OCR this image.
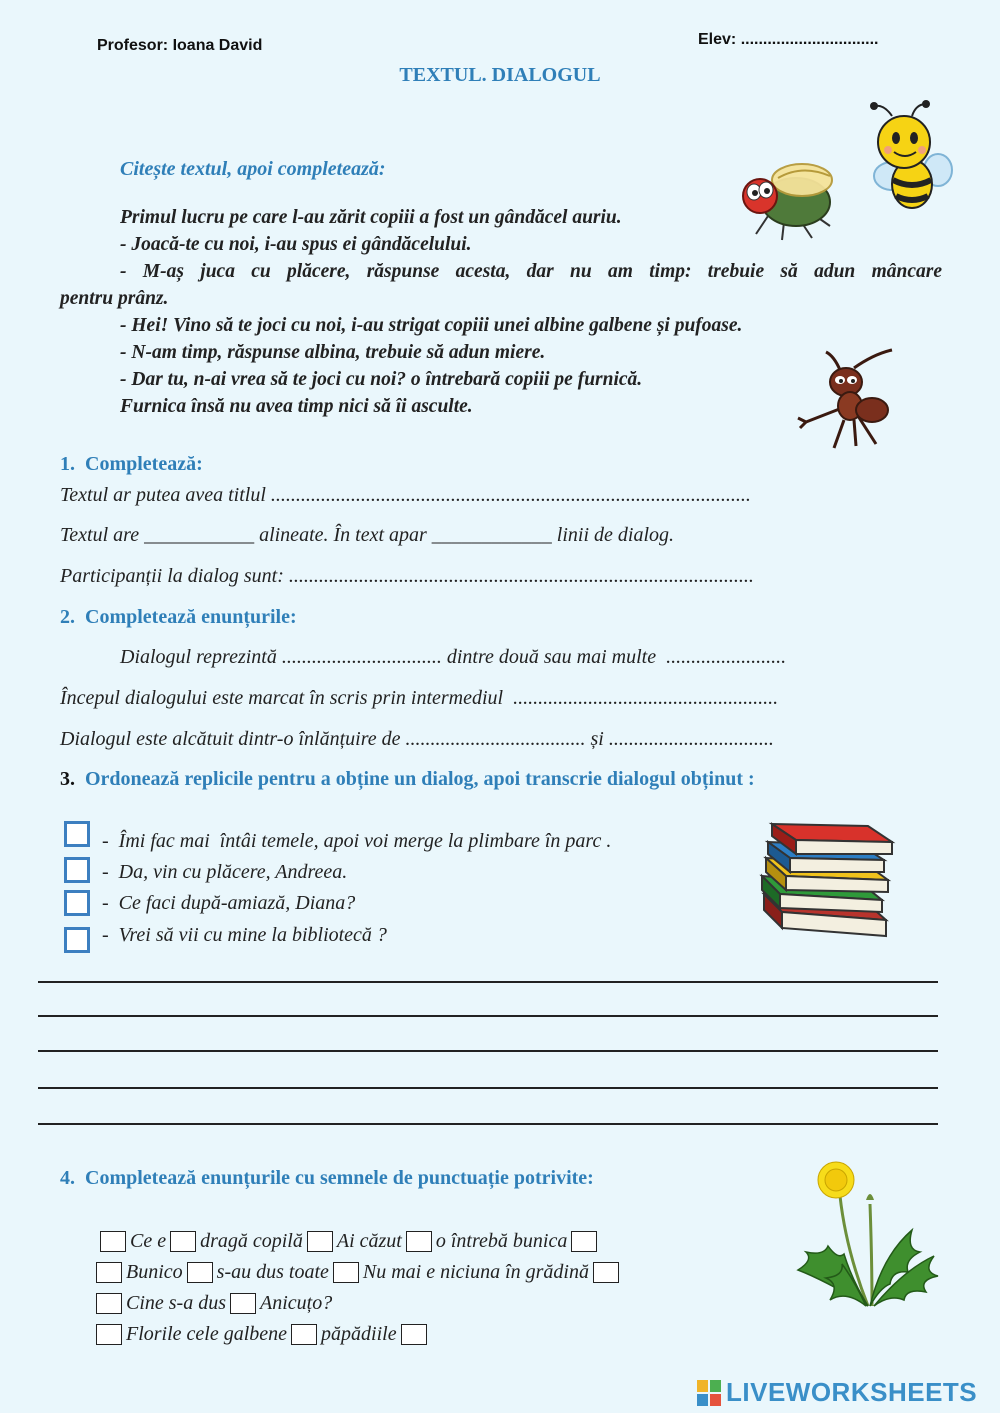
Profesor: Ioana David	Elev: ...............................
TEXTUL. DIALOGUL
Citește textul, apoi completează:
Primul lucru pe care l-au zărit copiii a fost un gândăcel auriu.
- Joacă-te cu noi, i-au spus ei gândăcelului.
- M-aș juca cu plăcere, răspunse acesta, dar nu am timp: trebuie să adun mâncare
pentru prânz.
- Hei! Vino să te joci cu noi, i-au strigat copiii unei albine galbene și pufoase.
- N-am timp, răspunse albina, trebuie să adun miere.
- Dar tu, n-ai vrea să te joci cu noi? o întrebară copiii pe furnică.
Furnica însă nu avea timp nici să îi asculte.
1. Completează:
Textul ar putea avea titlul ................................................................................................
Textul are ___________ alineate. În text apar ____________ linii de dialog.
Participanții la dialog sunt: .............................................................................................
2. Completează enunțurile:
Dialogul reprezintă ................................ dintre două sau mai multe  ........................
Începul dialogului este marcat în scris prin intermediul  .....................................................
Dialogul este alcătuit dintr-o înlănțuire de .................................... și .................................
3. Ordonează replicile pentru a obține un dialog, apoi transcrie dialogul obținut :
-  Îmi fac mai  întâi temele, apoi voi merge la plimbare în parc .
-  Da, vin cu plăcere, Andreea.
-  Ce faci după-amiază, Diana?
-  Vrei să vii cu mine la bibliotecă ?
4. Completează enunțurile cu semnele de punctuație potrivite:
Ce e dragă copilă Ai căzut o întrebă bunica
Bunico s-au dus toate Nu mai e niciuna în grădină
Cine s-a dus Anicuțo?
Florile cele galbene păpădiile
LIVEWORKSHEETS
